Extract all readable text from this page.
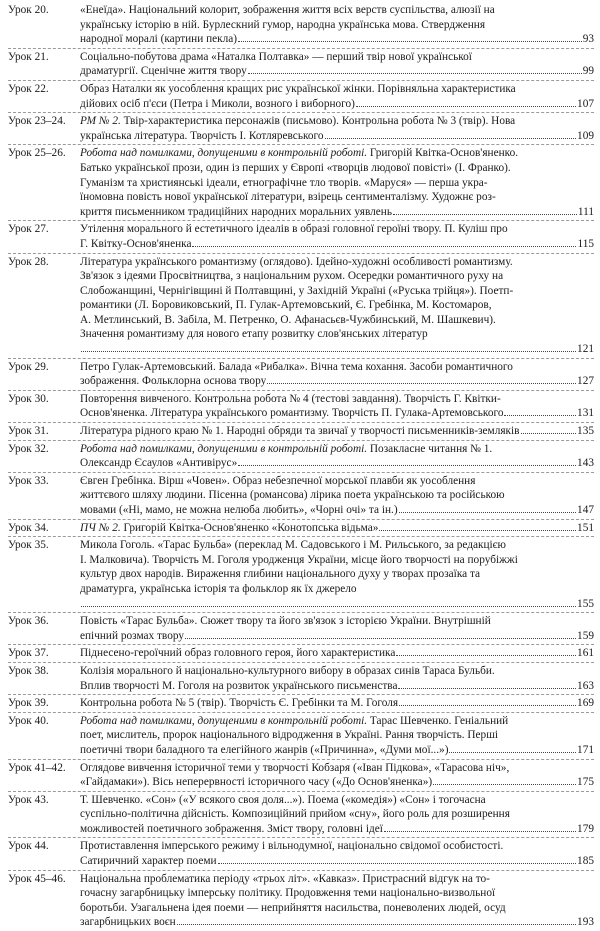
Урок 20.	«Енеїда». Національний колорит, зображення життя всіх верств суспільства, алюзії на
українську історію в ній. Бурлескний гумор, народна українська мова. Ствердження
народної моралі (картини пекла)	93
Урок 21.	Соціально-побутова драма «Наталка Полтавка» — перший твір нової української
драматургії. Сценічне життя твору	99
Урок 22.	Образ Наталки як уособлення кращих рис української жінки. Порівняльна характеристика
дійових осіб п'єси (Петра і Миколи, возного і виборного)	107
Урок 23–24.	РМ № 2. Твір-характеристика персонажів (письмово). Контрольна робота № 3 (твір). Нова
українська література. Творчість І. Котляревського	109
Урок 25–26.	Робота над помилками, допущеними в контрольній роботі. Григорій Квітка-Основ'яненко.
Батько української прози, один із перших у Європі «творців людової повісті» (І. Франко).
Гуманізм та християнські ідеали, етнографічне тло творів. «Маруся» — перша укра-
їномовна повість нової української літератури, взірець сентименталізму. Художнє роз-
криття письменником традиційних народних моральних уявлень	111
Урок 27.	Утілення морального й естетичного ідеалів в образі головної героїні твору. П. Куліш про
Г. Квітку-Основ'яненка	115
Урок 28.	Література українського романтизму (оглядово). Ідейно-художні особливості романтизму.
Зв'язок з ідеями Просвітництва, з національним рухом. Осередки романтичного руху на
Слобожанщині, Чернігівщині й Полтавщині, у Західній Україні («Руська трійця»). Поетп-
романтики (Л. Боровиковський, П. Гулак-Артемовський, Є. Гребінка, М. Костомаров,
А. Метлинський, В. Забіла, М. Петренко, О. Афанасьєв-Чужбинський, М. Шашкевич).
Значення романтизму для нового етапу розвитку слов'янських літератур
121
Урок 29.	Петро Гулак-Артемовський. Балада «Рибалка». Вічна тема кохання. Засоби романтичного
зображення. Фольклорна основа твору	127
Урок 30.	Повторення вивченого. Контрольна робота № 4 (тестові завдання). Творчість Г. Квітки-
Основ'яненка. Література українського романтизму. Творчість П. Гулака-Артемовського	131
Урок 31.	Література рідного краю № 1. Народні обряди та звичаї у творчості письменників-земляків	135
Урок 32.	Робота над помилками, допущеними в контрольній роботі. Позакласне читання № 1.
Олександр Єсаулов «Антивірус»	143
Урок 33.	Євген Гребінка. Вірш «Човен». Образ небезпечної морської плавби як уособлення
життєвого шляху людини. Пісенна (романсова) лірика поета українською та російською
мовами («Ні, мамо, не можна нелюба любить», «Чорні очі» та ін.)	147
Урок 34.	ПЧ № 2. Григорій Квітка-Основ'яненко «Конотопська відьма»	151
Урок 35.	Микола Гоголь. «Тарас Бульба» (переклад М. Садовського і М. Рильського, за редакцією
І. Малковича). Творчість М. Гоголя уродженця України, місце його творчості на порубіжжі
культур двох народів. Вираження глибини національного духу у творах прозаїка та
драматурга, українська історія та фольклор як їх джерело
155
Урок 36.	Повість «Тарас Бульба». Сюжет твору та його зв'язок з історією України. Внутрішній
епічний розмах твору	159
Урок 37.	Піднесено-героїчний образ головного героя, його характеристика	161
Урок 38.	Колізія морального й національно-культурного вибору в образах синів Тараса Бульби.
Вплив творчості М. Гоголя на розвиток українського письменства	163
Урок 39.	Контрольна робота № 5 (твір). Творчість Є. Гребінки та М. Гоголя	169
Урок 40.	Робота над помилками, допущеними в контрольній роботі. Тарас Шевченко. Геніальний
поет, мислитель, пророк національного відродження в Україні. Рання творчість. Перші
поетичні твори баладного та елегійного жанрів («Причинна», «Думи мої...»)	171
Урок 41–42.	Оглядове вивчення історичної теми у творчості Кобзаря («Іван Підкова», «Тарасова ніч»,
«Гайдамаки»). Вісь неперервності історичного часу («До Основ'яненка»)	175
Урок 43.	Т. Шевченко. «Сон» («У всякого своя доля...»). Поема («комедія») «Сон» і тогочасна
суспільно-політична дійсність. Композиційний прийом «сну», його роль для розширення
можливостей поетичного зображення. Зміст твору, головні ідеї	179
Урок 44.	Протиставлення імперського режиму і вільнодумної, національно свідомої особистості.
Сатиричний характер поеми	185
Урок 45–46.	Національна проблематика періоду «трьох літ». «Кавказ». Пристрасний відгук на то-
гочасну загарбницьку імперську політику. Продовження теми національно-визвольної
боротьби. Узагальнена ідея поеми — неприйняття насильства, поневолених людей, осуд
загарбницьких воєн	193
